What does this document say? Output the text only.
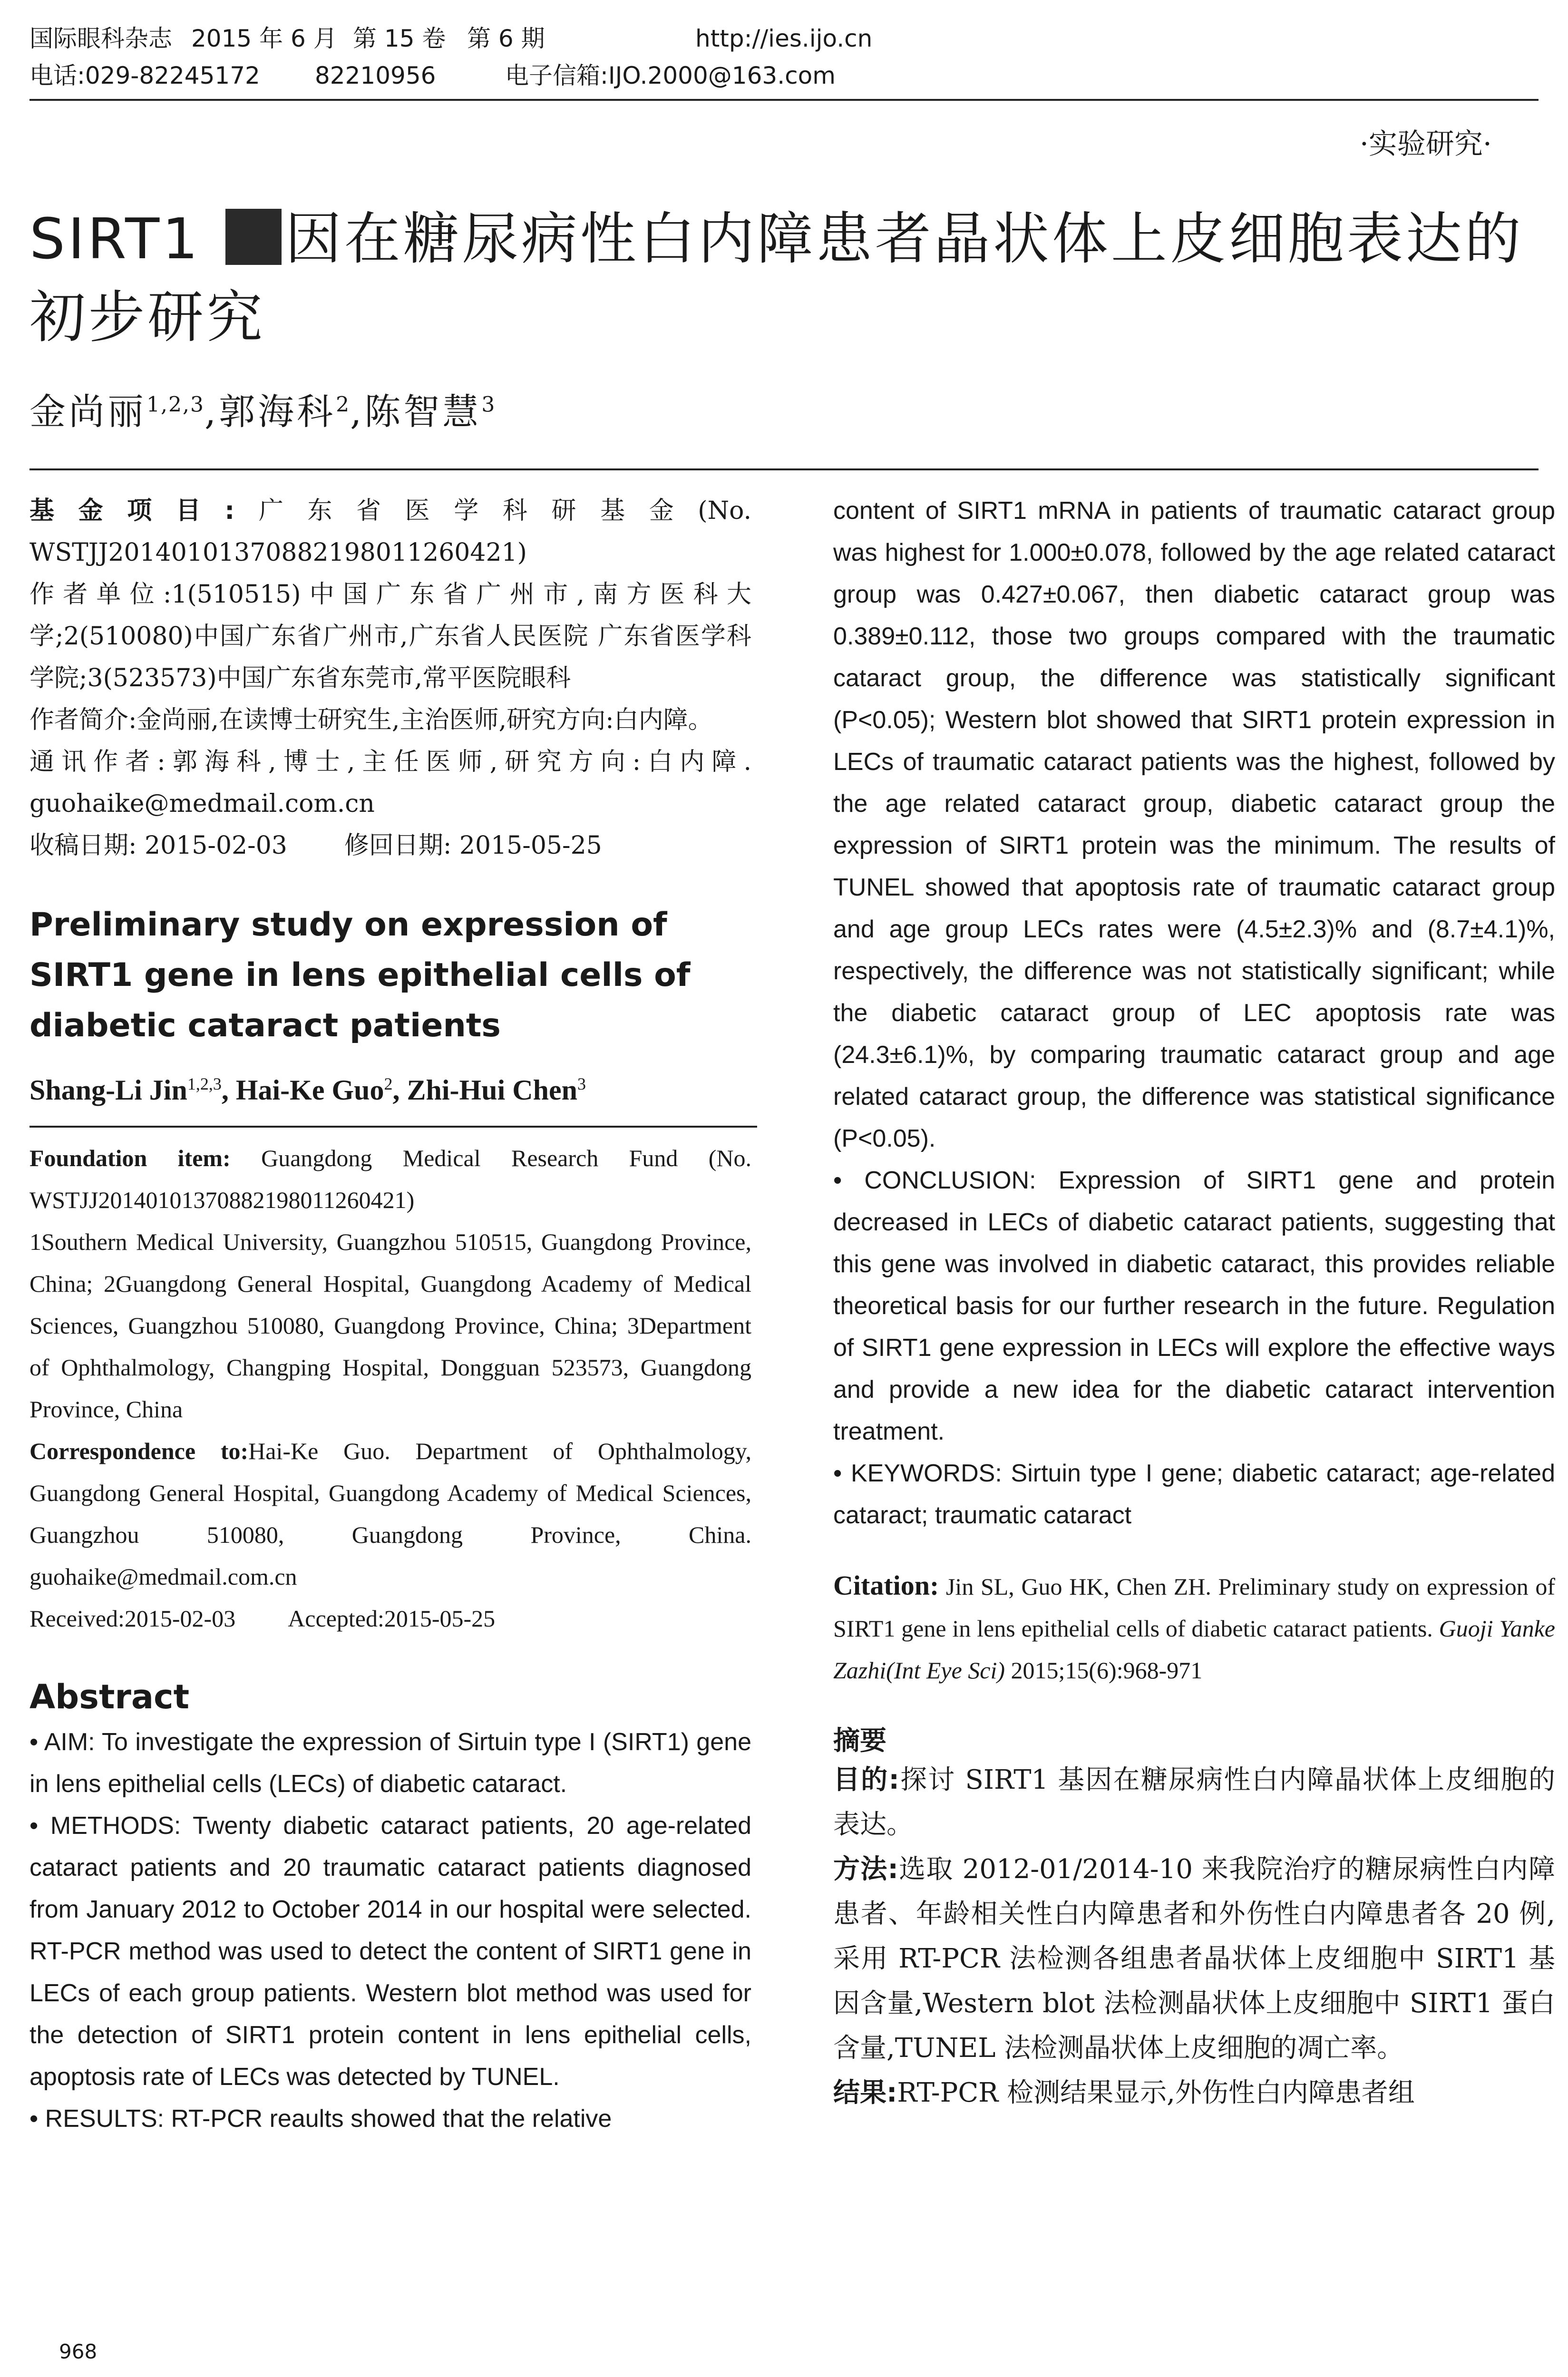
国际眼科杂志 2015 年 6 月 第 15 卷 第 6 期	http://ies.ijo.cn
电话:029-82245172	82210956	电子信箱:IJO.2000@163.com
·实验研究·
SIRT1 因在糖尿病性白内障患者晶状体上皮细胞表达的初步研究
金尚丽$^{1,2,3}$,郭海科$^2$,陈智慧$^3$
基金项目:广东省医学科研基金(No. WSTJJ20140101370882198011260421)
作者单位:1(510515)中国广东省广州市,南方医科大学;2(510080)中国广东省广州市,广东省人民医院 广东省医学科学院;3(523573)中国广东省东莞市,常平医院眼科
作者简介:金尚丽,在读博士研究生,主治医师,研究方向:白内障。
通讯作者:郭海科,博士,主任医师,研究方向:白内障. guohaike@medmail.com.cn
收稿日期: 2015-02-03 修回日期: 2015-05-25
Preliminary study on expression of SIRT1 gene in lens epithelial cells of diabetic cataract patients
Shang-Li Jin$^{1,2,3}$, Hai-Ke Guo$^2$, Zhi-Hui Chen$^3$
Foundation item: Guangdong Medical Research Fund (No. WSTJJ20140101370882198011260421)
1Southern Medical University, Guangzhou 510515, Guangdong Province, China; 2Guangdong General Hospital, Guangdong Academy of Medical Sciences, Guangzhou 510080, Guangdong Province, China; 3Department of Ophthalmology, Changping Hospital, Dongguan 523573, Guangdong Province, China
Correspondence to:Hai-Ke Guo. Department of Ophthalmology, Guangdong General Hospital, Guangdong Academy of Medical Sciences, Guangzhou 510080, Guangdong Province, China. guohaike@medmail.com.cn
Received:2015-02-03 Accepted:2015-05-25
Abstract

• AIM: To investigate the expression of Sirtuin type I (SIRT1) gene in lens epithelial cells (LECs) of diabetic cataract.

• METHODS: Twenty diabetic cataract patients, 20 age-related cataract patients and 20 traumatic cataract patients diagnosed from January 2012 to October 2014 in our hospital were selected. RT-PCR method was used to detect the content of SIRT1 gene in LECs of each group patients. Western blot method was used for the detection of SIRT1 protein content in lens epithelial cells, apoptosis rate of LECs was detected by TUNEL.

• RESULTS: RT-PCR reaults showed that the relative

content of SIRT1 mRNA in patients of traumatic cataract group was highest for 1.000±0.078, followed by the age related cataract group was 0.427±0.067, then diabetic cataract group was 0.389±0.112, those two groups compared with the traumatic cataract group, the difference was statistically significant (P<0.05); Western blot showed that SIRT1 protein expression in LECs of traumatic cataract patients was the highest, followed by the age related cataract group, diabetic cataract group the expression of SIRT1 protein was the minimum. The results of TUNEL showed that apoptosis rate of traumatic cataract group and age group LECs rates were (4.5±2.3)% and (8.7±4.1)%, respectively, the difference was not statistically significant; while the diabetic cataract group of LEC apoptosis rate was (24.3±6.1)%, by comparing traumatic cataract group and age related cataract group, the difference was statistical significance (P<0.05).

• CONCLUSION: Expression of SIRT1 gene and protein decreased in LECs of diabetic cataract patients, suggesting that this gene was involved in diabetic cataract, this provides reliable theoretical basis for our further research in the future. Regulation of SIRT1 gene expression in LECs will explore the effective ways and provide a new idea for the diabetic cataract intervention treatment.

• KEYWORDS: Sirtuin type I gene; diabetic cataract; age-related cataract; traumatic cataract

Citation: Jin SL, Guo HK, Chen ZH. Preliminary study on expression of SIRT1 gene in lens epithelial cells of diabetic cataract patients. Guoji Yanke Zazhi(Int Eye Sci) 2015;15(6):968-971
摘要

目的:探讨 SIRT1 基因在糖尿病性白内障晶状体上皮细胞的表达。

方法:选取 2012-01/2014-10 来我院治疗的糖尿病性白内障患者、年龄相关性白内障患者和外伤性白内障患者各 20 例,采用 RT-PCR 法检测各组患者晶状体上皮细胞中 SIRT1 基因含量,Western blot 法检测晶状体上皮细胞中 SIRT1 蛋白含量,TUNEL 法检测晶状体上皮细胞的凋亡率。

结果:RT-PCR 检测结果显示,外伤性白内障患者组

968
